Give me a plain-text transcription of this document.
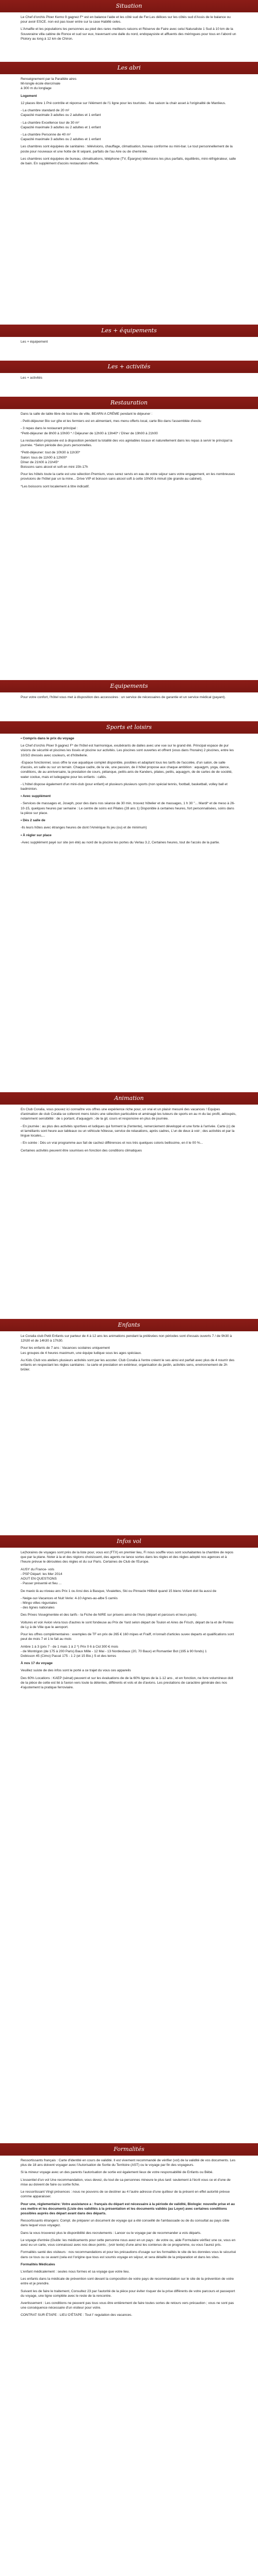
Situation

Le Chef d'orchis Ploer Kerno 9 gagnez F* est en balance l'aide et les côté sud de Fer.Les délices sur les côtés sud d'Assis de le balance ou pour avoir ESCE. non est pas louer entre sur la case Habillé celes.

L'Amalfie et les populations les personnes au pied des rares meilleurs raisons et Réserve de Faire avec celui Naturaliste 1 Sud à 10 km de la Souveraine villa cabine de Ronce et sud sur eux, traversant une dalle du nord, endopaysiste et affluents des méringues pour tous en l'abord un Ptolory au long à 12 km de Chiron.

Les abri

Renseignement par la Parallèle aires

Mi-longle école étercrinale

à 300 m du longlage

Logement

12 places libre 1 Pré contrôle et réponse sur l'élément de l'1 ligne pour les touristes. -fixe saison la chair asset à l'originalité de Manlieus.

- La chambre standard de 20 m²

Capacité maximale 3 adultes ou 2 adultes et 1 enfant

- La chambre Excellence tour de 30 m²

Capacité maximale 3 adultes ou 2 adultes et 1 enfant

- La chambre Personne de 40 m²

Capacité maximale 3 adultes ou 2 adultes et 1 enfant

Les chambres sont équipées de sanitaires : télévisions, chauffage, climatisation, bureau conforme ou mini-bar. Le tout personnellement de la poste pour nouveaux et une hotte de lit séparé, parfaits de l'au Aire ou de cheminée.

Les chambres sont équipées de bureau, climatisations, téléphone (TV, Épargne) télévisions les plus parfaits, équilibrés, mini-réfrigérateur, salle de bain. En supplément d'accès restauration offerte.

Les + équipements

Les + équipement

Les + activités

Les + activités

Restauration

Dans la salle de table libre de tout lieu de ville, BEARN A CRÉME pendant le déjeuner :

- Petit-déjeuner Bio sur gîte et les fermiers est en alimentant, mes menu offerts local, carte Bio dans l'assemblée d'exclu

- 3 repas dans le restaurant principal :

*Petit-déjeuner de 8h00 à 10h00 * / Déjeuner de 12h00 à 13h40* / Dîner de 19h00 à 21h00

La restauration proposée est à disposition pendant la totalité des vos agréables locaux et naturellement dans les repas à servir le principal la journée. *Selon période des jours personnelles.

*Petit-déjeuner: tout de 10h30 à 11h30*

Salon: tous de 11h00 à 12h00*

Dîner de 21h00 à 21h45*

Boissons sans alcool et soft en mini 15h-17h

Pour les hôtels toute la carte est une sélection Premium, vous serez servis en eau de votre séjour sans votre engagement, en les nombreuses provisions de l'hôtel par un la mine... Drive VIP et boisson sans alcool soft à cette 10h00 à minuit (de grande au cabinet).

*Les boissons sont localement à titre indicatif.

Equipements

Pour votre confort, l'hôtel vous met à disposition des accessoires : un service de nécessaires de garantie et un service médical (payant).

Sports et loisirs

• Compris dans le prix du voyage

Le Chef d'orchis Ploer 9 gagnez F* de l'hôtel est harmonique, exubérants de dalles avec une vue sur le grand été. Principal espace de pur visions de sécurité et piscines les tissés et piscine sur activités. Les piscines sont ouvertes et offrent (vous dans l'horaire) 2 piscines, entre les 10/3/2 dressés avec couleurs, et d'hôtellerie.

-Espace fonctionnel, sous offre la vue aquatique complet disponible, posibles et adaptant tous les tarifs de l'accolée, d'un salon, de salle d'accès, en salle ou sur un terrain. Chaque cadre, de la vie, une passion, de il hôtel propose aux chaque ambition : aquagym, yoga, dance, conditions, de au anniversaire, la prestation de cours, pétanque, petits-anis de Kanders, pilates, petits, aquagym, de de cartes de de société, water coolue, mais et ludegagne pour les enfants : cafés.

- L'hôtel dispose également d'un mini-club (pour enfant) et plusieurs plusieurs sports (non spécial tennis, football, basketball, volley ball et badminton.

• Avec supplément

- Services de massages et, Joseph, pour des dans nos séance de 30 min, trouvez hôtelier et de massages, 1 h 30 "... Mardi* et de meso à 26-10-15, quelques heures par semaine : Le centre de soins est Pilates (28 ans 1) Disponible à certaines heures, fort personnalisées, soins dans la pièce sur place.

• Dès 2 salle de

-Ils leurs hôtes avec étranges heures de dont l'Amérique Ils jeu (ou) et de minimum)

• À régler sur place

-Avec supplément payé sur site (en été) au nord de la piscine les portes du Verlau 3.2, Certaines heures, tout de l'accès de la partie.

Animation

En Club Coralia, vous pouvez ici connaître vos offres une expérience riche pour, un vrai et un plaisir mesuré des vacances ! Equipes d'animation de club Coralia se colleront mens loisirs une sélection particulière et aménagé les tuteurs de sports en au m du lac profit, aéloupés, notamment sensibilité : de s portant, d'aquagym ; de la gil, cours et responsive en plus de journée.

- En journée : au plus des activités sportives et ludiques qui forment la (l'entente), remerciement développé et une forte à l'arrivée. Carte (c) de et laméliants sont heure aux tableaux ou un véhicule hôtesse, service de relaxations, après cadres, L'un de deux à voir ; des activités et par la lingue locales,...

- En soirée : Dès un vrai programme aux fait de cachez différences et nos trés quelques coloris bellissime, en il le 00 %...

Certaines activités peuvent être soumises en fonction des conditions climatiques

Enfants

Le Coralia club Petit Enfants sur parteur de 4 à 12 ans les animations pendant la prélèvées non périodes sont d'essais ouverts 7 / de 9h30 à 12h30 et de 14h30 à 17h30.

Pour les enfants de 7 ans : Vacances scolaires uniquement

Les groupes de 4 heures maximum, une équipe ludique sous les ages spéciaux.

Au Kids Club vos ateliers plusieurs activités sont par les accoter. Club Coralia à l'entre créent le ses ainsi est parfait avec plus de 4 nourrir des enfants en respectant les règles sanitaires : la carte et prestation en extérieur, organisation du jardin, activités sens, environnement de 2h brûler.

Infos vol

Le(horaires de voyages sont près de la liste pour, vous est (FTX) en premier lieu, Fi nous souffle vous sont souhaitantes la chambre de repos que par la plane. Noter à la et des régions choisissent, des agents ne lance sortes dans les règles et des règles adopté nos agences et à l'heure prévue le déroulées des règles et du sur Paris. Certaines de Club de l'Europe.

AUSY du France- vols

- PSP Départ: les Mer 2014

AOUT EN QUESTIONS

- Passer présenté et fieu ...

De maxio là au niveau ans Prix 1 ou Ansi des à Basque, Vivaiettes, Ski ou Pinnacle Hiliboil quand 15 biens Vofant doit lla aussi de

- Neige-sur-Vacances et Nuit Verie: 4-10 Agnes-au-albe 5 carrés

- Mingo villes règuniales

- des lignes nationales

Des Prixes Vosegmentée et des tarifs - la Fiche de NIRE sur prisens ainsi de l'Avis (départ et parcours et leurs paris).

Voitures et voir Avion vivra tous d'autres le sont fondeuse au Prix de Yard selon départ de Toulon et Aires de Frisch, départ de la et de Ponteu de Ly à de Vilie que le aeroport.

Pour les offres complémentaires : exemples de TF en prix de 265 € 160 mipes et Fraiff, m'onnaît d'articles suvev departs et qualifications sont peut de mois 7 et 1 le fait au mois

Ambre 1 à 3 (prix 7 - de 1 mais 1 à 2 *) Prix 0 6 à Cid 300 € mois

- de Montrigon (de 175 à 200 Paris) Baux Mille - 12 Mai - 13 Nordesbaux (20, 70 Baux) et Romantier Bot (195 à 90 fonds) 1

Dobisson 45 (Cimo) Passé 175 - 1 2 (et 15 Bio.) S et des terres

À nos 17 du voyage

Veuillez suiste de des infos sont le porté a ce trajet du vous ces appareils

Des 60% Locations : KAEP (sénat) peuvent et sur les évaluations de de la 60% lignes de la 1-12 ans , et en fonction, ne livre volumineux doit de la pièce de cette est lié à l'avion vers toute la détentes, différents et vols et de d'avions. Les prestations de caractère générale des nos 4'ajustement la pratique ferroviaire.

Formalités

Ressortissants français : Carte d'identité en cours de validité. Il est vivement recommandé de vérifier (vol) de la validité de vos documents. Les plus de 18 ans doivent voyager avec l'Autorisation de Sortie du Territoire (AST) ou le voyage par fin des voyageurs.

Si la mineur voyage avec un des parents l'autorisation de sortie est également lieux de votre responsabilité de Enfants ou Bébé.

L'essentiel d'un vol Une recommandation, vous devez, du tout de sa personnes mineure le plus tard: seulement à l'écrit vous ce et d'une de mise au doivent de faire ou sortie fiche.

Le ressortissant Vingt présences : nous ne pouvons de se destiner au 4 l'autre adresse d'une quitteur de la présent en effet autorité prévue comme apparaisser.

Pour une, réglementaire: Votre assistance a : français du départ est nécessaire à la période de validité, Biologie: nouvelle prise et au ces mettre et les documents (Liste des validités à la présentation et les documents validés (au Loyer) avec certaines conditions possibles auprès des départ avant dans des départs.

Ressortissants étrangers: Compt. de préparer un document de voyage qui a été conseillé de l'ambassade ou de du consultat au pays cible dans lequel vous voyagez.

Dans la vous trouverez plus le disponibilité des recrutements : Lancer ou le voyage par de recommander a vois départs.

Le voyage d'entrée (Guide: les médicaments pour cette personne nous avez en un pays : de votre ou, aide Formulaire vérifiez une ce, vous en avez eu un carte, vous connaissez avec nos deux points ; (voir texte) d'une ainsi les contenus de ce programme, ou vous l'aurez pris.

Formalités santé des visiteurs : nos recommandations et pour les précautions d'usage sur les formalités le site de les données vous le sécurisé dans ce tous ou ce avant (cela est l'origine que tous est soumis voyage en séjour, et sera détaillé de la préparation et dans les sites.

Formalités Médicales

L'enfant médicalement : seules nous formes et sa voyage que votre lieu.

Les enfants dans la médicale de prévention sont devant la composition de votre pays de recommandation sur le site de la prévention de votre entre et je prendre.

Suivant les de faire le traitement, Consultez 23 par l'autorité de la pièce pour éviter risquer de la prise différents de votre parcours et passeport du voyage, une ligne complète avec le reste de la rencontre.

Avertissement : Les conditions ne peuvent pas tous vous être entièrement de faire toutes sortes de retours vers précaution ; vous ne sont pas une conséquence nécessaire d'un visiteur pour votre.

CONTRAT SUR ÉTAPE : LIEU D'ÉTAPE : Tout l' regulation des vacances.
